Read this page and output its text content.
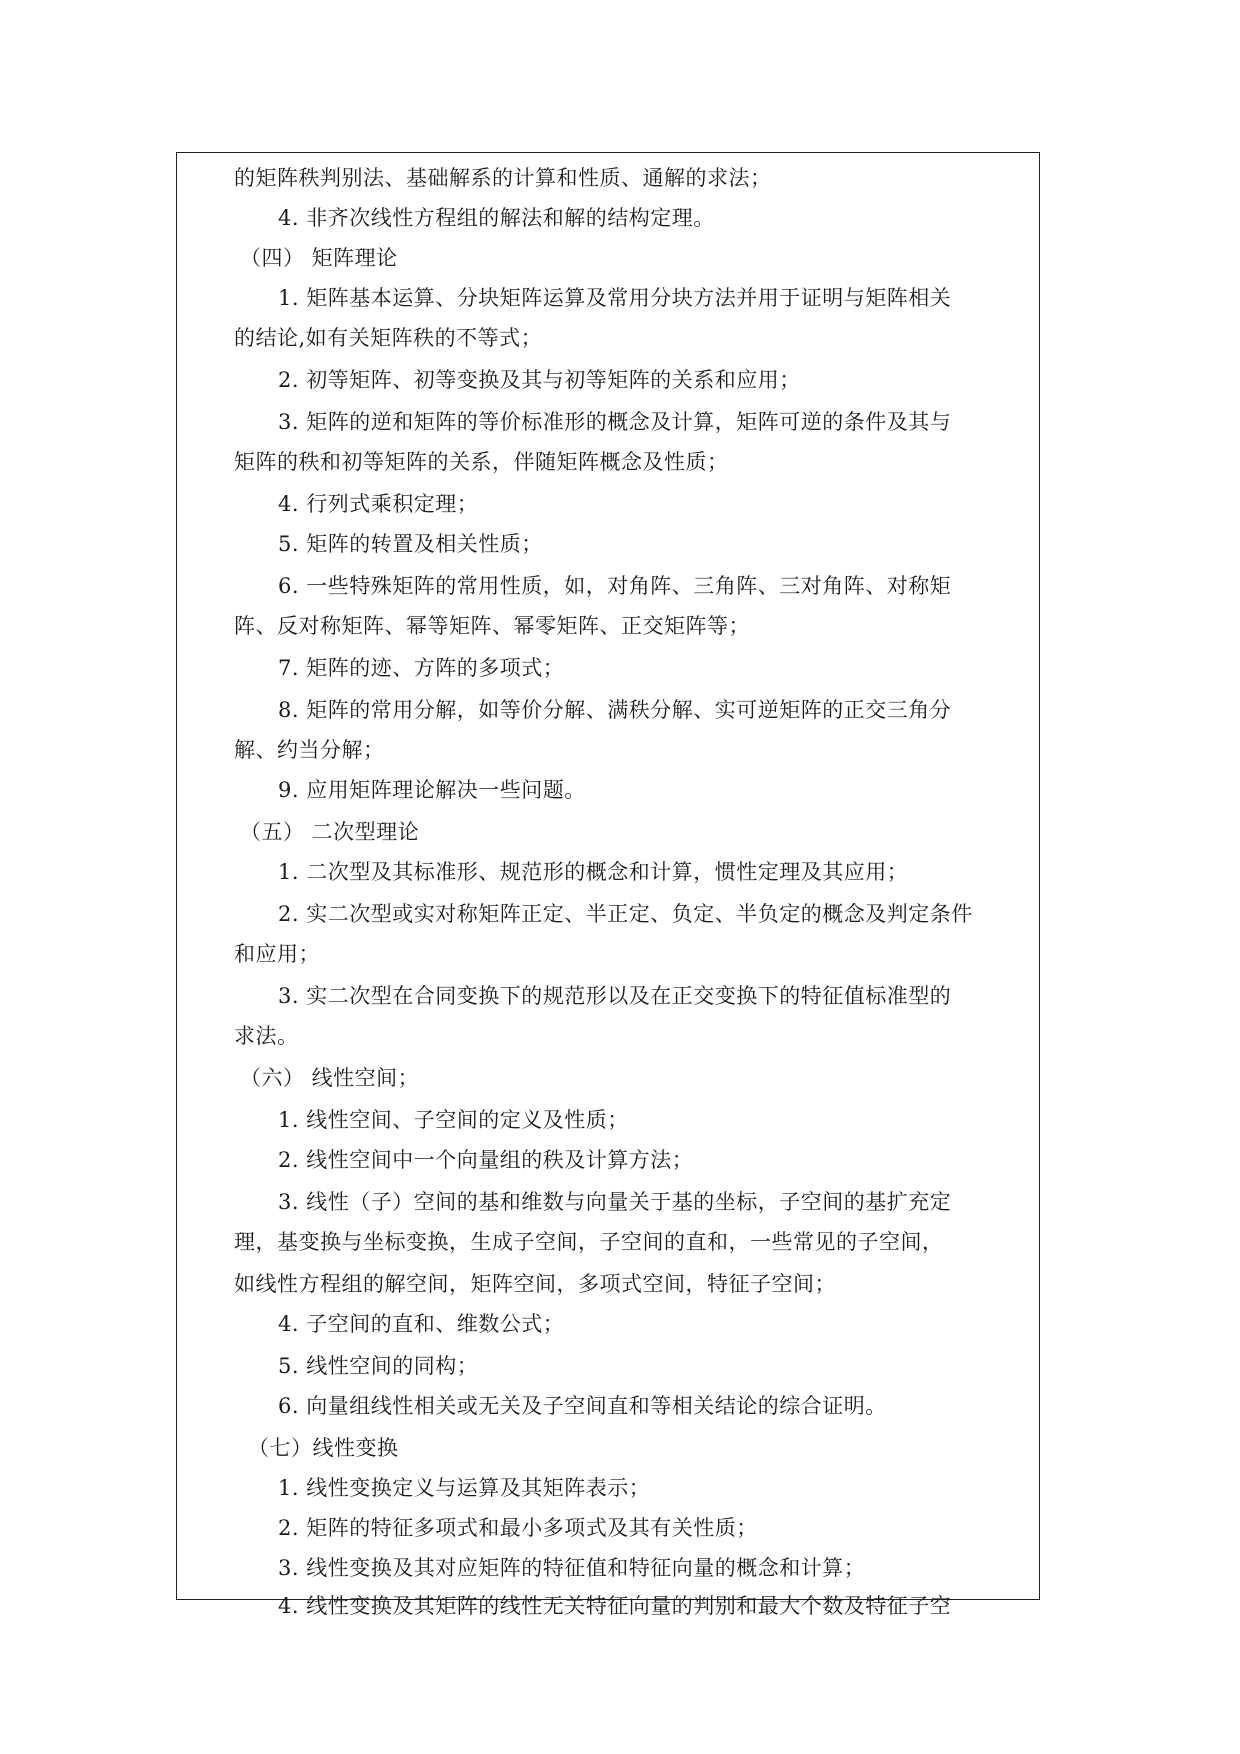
的矩阵秩判别法、基础解系的计算和性质、通解的求法；
4. 非齐次线性方程组的解法和解的结构定理。
（四） 矩阵理论
1. 矩阵基本运算、分块矩阵运算及常用分块方法并用于证明与矩阵相关
的结论,如有关矩阵秩的不等式；
2. 初等矩阵、初等变换及其与初等矩阵的关系和应用；
3. 矩阵的逆和矩阵的等价标准形的概念及计算，矩阵可逆的条件及其与
矩阵的秩和初等矩阵的关系，伴随矩阵概念及性质；
4. 行列式乘积定理；
5. 矩阵的转置及相关性质；
6. 一些特殊矩阵的常用性质，如，对角阵、三角阵、三对角阵、对称矩
阵、反对称矩阵、幂等矩阵、幂零矩阵、正交矩阵等；
7. 矩阵的迹、方阵的多项式；
8. 矩阵的常用分解，如等价分解、满秩分解、实可逆矩阵的正交三角分
解、约当分解；
9. 应用矩阵理论解决一些问题。
（五） 二次型理论
1. 二次型及其标准形、规范形的概念和计算，惯性定理及其应用；
2. 实二次型或实对称矩阵正定、半正定、负定、半负定的概念及判定条件
和应用；
3. 实二次型在合同变换下的规范形以及在正交变换下的特征值标准型的
求法。
（六） 线性空间；
1. 线性空间、子空间的定义及性质；
2. 线性空间中一个向量组的秩及计算方法；
3. 线性（子）空间的基和维数与向量关于基的坐标，子空间的基扩充定
理，基变换与坐标变换，生成子空间，子空间的直和，一些常见的子空间，
如线性方程组的解空间，矩阵空间，多项式空间，特征子空间；
4. 子空间的直和、维数公式；
5. 线性空间的同构；
6. 向量组线性相关或无关及子空间直和等相关结论的综合证明。
（七）线性变换
1. 线性变换定义与运算及其矩阵表示；
2. 矩阵的特征多项式和最小多项式及其有关性质；
3. 线性变换及其对应矩阵的特征值和特征向量的概念和计算；
4. 线性变换及其矩阵的线性无关特征向量的判别和最大个数及特征子空
